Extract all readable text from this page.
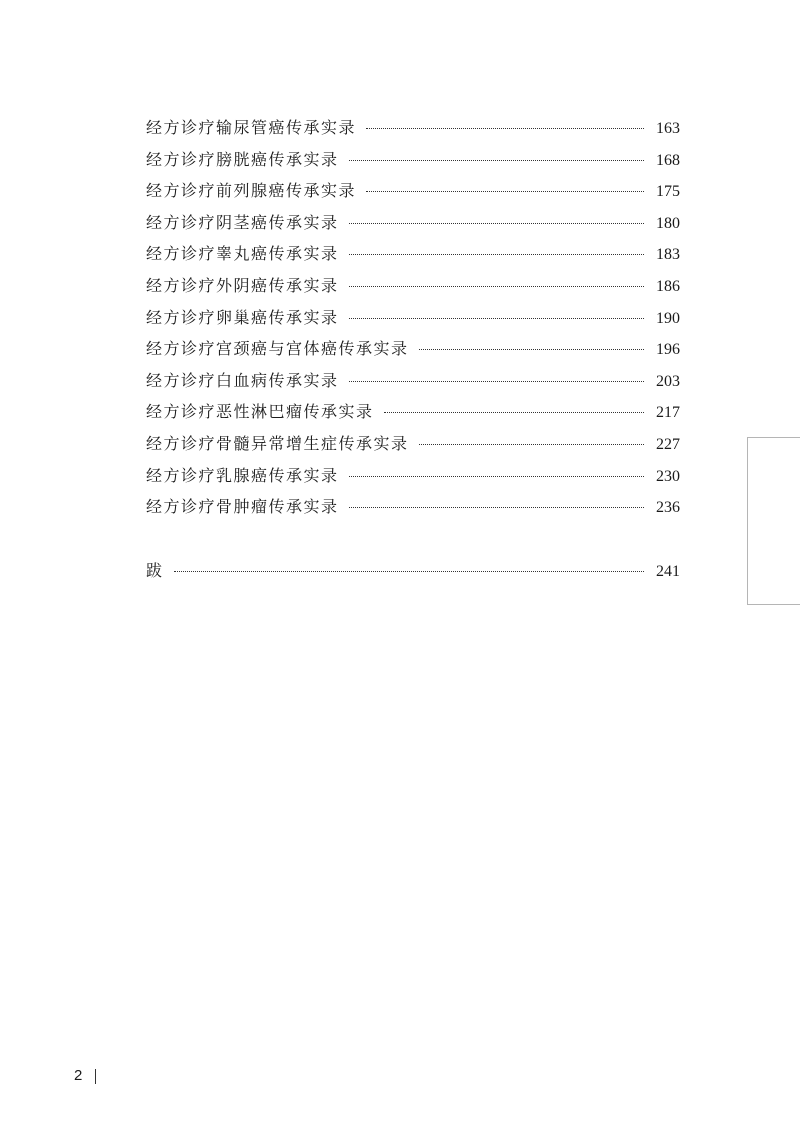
经方诊疗输尿管癌传承实录	163
经方诊疗膀胱癌传承实录	168
经方诊疗前列腺癌传承实录	175
经方诊疗阴茎癌传承实录	180
经方诊疗睾丸癌传承实录	183
经方诊疗外阴癌传承实录	186
经方诊疗卵巢癌传承实录	190
经方诊疗宫颈癌与宫体癌传承实录	196
经方诊疗白血病传承实录	203
经方诊疗恶性淋巴瘤传承实录	217
经方诊疗骨髓异常增生症传承实录	227
经方诊疗乳腺癌传承实录	230
经方诊疗骨肿瘤传承实录	236
跋	241
2
